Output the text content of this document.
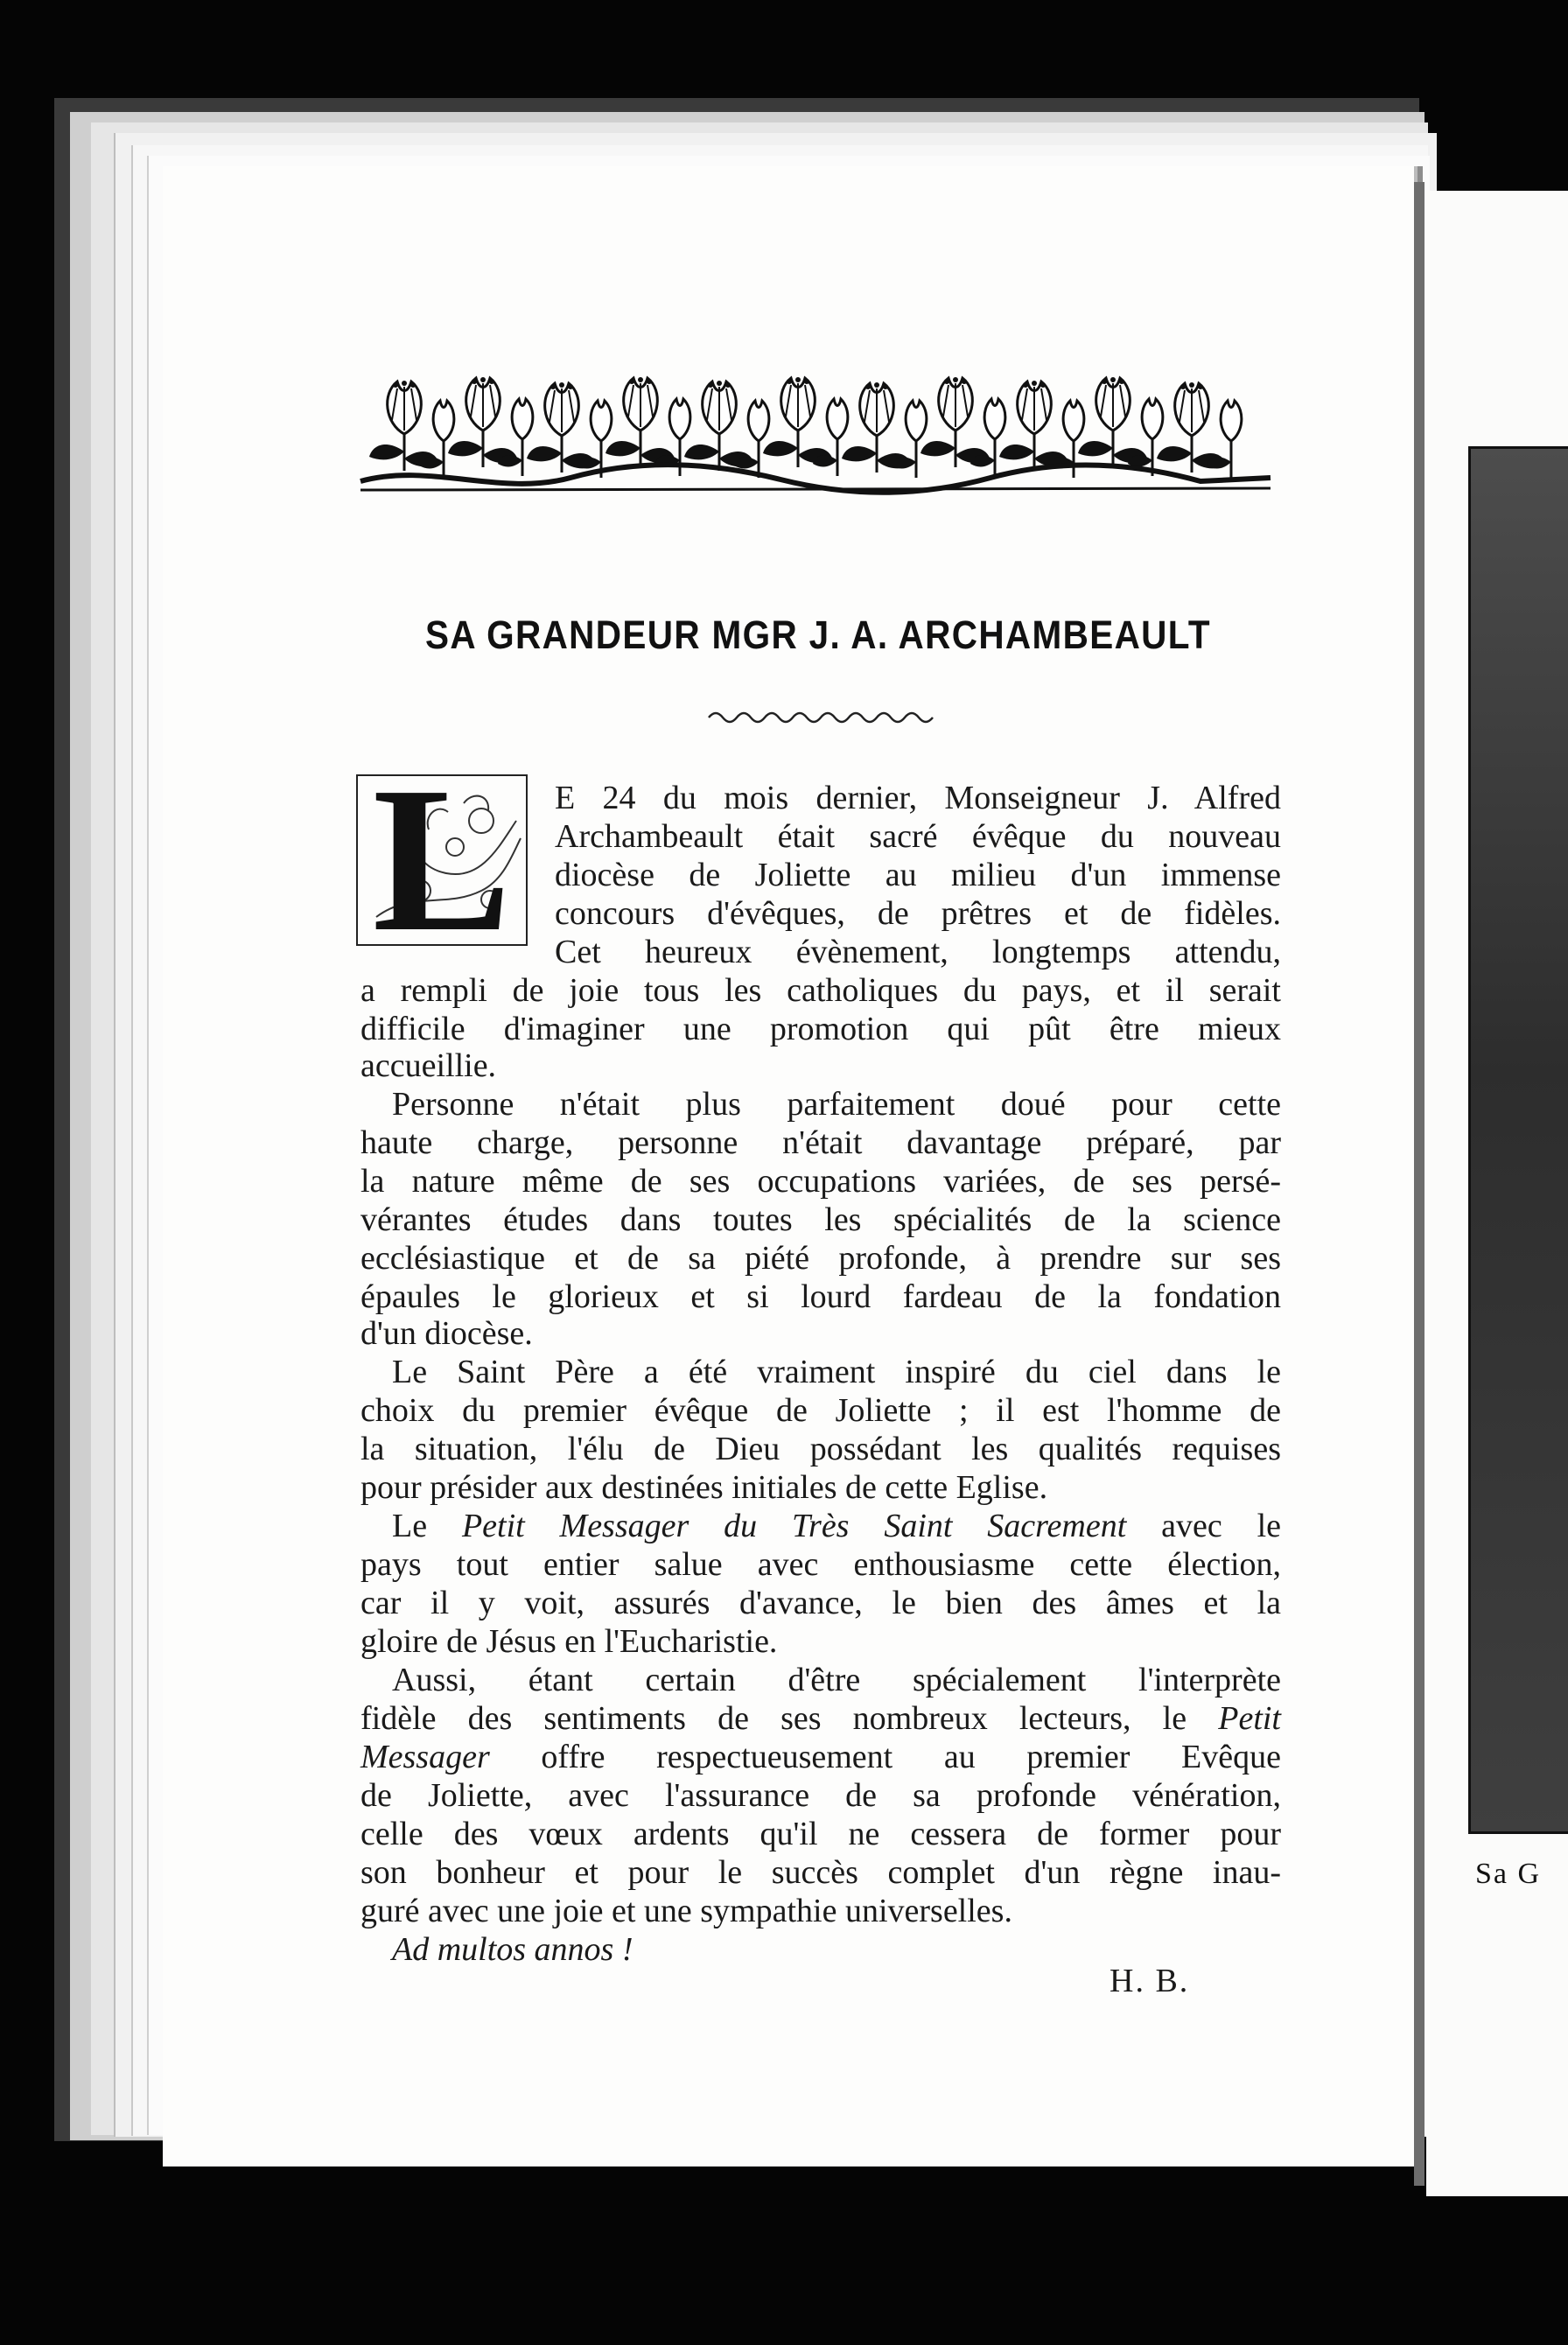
Sa G
SA GRANDEUR MGR J. A. ARCHAMBEAULT
L	E 24 du mois dernier, Monseigneur J. Alfred

Archambeault était sacré évêque du nouveau

diocèse de Joliette au milieu d'un immense

concours d'évêques, de prêtres et de fidèles.

Cet heureux évènement, longtemps attendu,

a rempli de joie tous les catholiques du pays, et il serait

difficile d'imaginer une promotion qui pût être mieux

accueillie.

Personne n'était plus parfaitement doué pour cette

haute charge, personne n'était davantage préparé, par

la nature même de ses occupations variées, de ses persé-

vérantes études dans toutes les spécialités de la science

ecclésiastique et de sa piété profonde, à prendre sur ses

épaules le glorieux et si lourd fardeau de la fondation

d'un diocèse.

Le Saint Père a été vraiment inspiré du ciel dans le

choix du premier évêque de Joliette ; il est l'homme de

la situation, l'élu de Dieu possédant les qualités requises

pour présider aux destinées initiales de cette Eglise.

Le Petit Messager du Très Saint Sacrement avec le

pays tout entier salue avec enthousiasme cette élection,

car il y voit, assurés d'avance, le bien des âmes et la

gloire de Jésus en l'Eucharistie.

Aussi, étant certain d'être spécialement l'interprète

fidèle des sentiments de ses nombreux lecteurs, le Petit

Messager offre respectueusement au premier Evêque

de Joliette, avec l'assurance de sa profonde vénération,

celle des vœux ardents qu'il ne cessera de former pour

son bonheur et pour le succès complet d'un règne inau-

guré avec une joie et une sympathie universelles.

Ad multos annos !

H. B.
